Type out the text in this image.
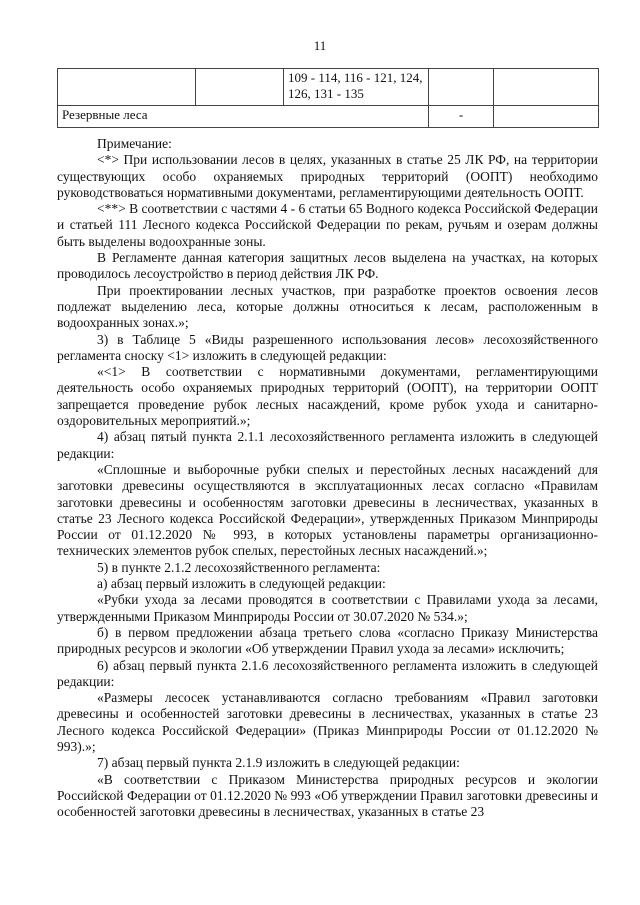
11
		109 - 114, 116 - 121, 124, 126, 131 - 135		
Резервные леса			-	

Примечание:

<*> При использовании лесов в целях, указанных в статье 25 ЛК РФ, на территории существующих особо охраняемых природных территорий (ООПТ) необходимо руководствоваться нормативными документами, регламентирующими деятельность ООПТ.

<**> В соответствии с частями 4 - 6 статьи 65 Водного кодекса Российской Федерации и статьей 111 Лесного кодекса Российской Федерации по рекам, ручьям и озерам должны быть выделены водоохранные зоны.

В Регламенте данная категория защитных лесов выделена на участках, на которых проводилось лесоустройство в период действия ЛК РФ.

При проектировании лесных участков, при разработке проектов освоения лесов подлежат выделению леса, которые должны относиться к лесам, расположенным в водоохранных зонах.»;

3) в Таблице 5 «Виды разрешенного использования лесов» лесохозяйственного регламента сноску <1> изложить в следующей редакции:

«<1> В соответствии с нормативными документами, регламентирующими деятельность особо охраняемых природных территорий (ООПТ), на территории ООПТ запрещается проведение рубок лесных насаждений, кроме рубок ухода и санитарно-оздоровительных мероприятий.»;

4) абзац пятый пункта 2.1.1 лесохозяйственного регламента изложить в следующей редакции:

«Сплошные и выборочные рубки спелых и перестойных лесных насаждений для заготовки древесины осуществляются в эксплуатационных лесах согласно «Правилам заготовки древесины и особенностям заготовки древесины в лесничествах, указанных в статье 23 Лесного кодекса Российской Федерации», утвержденных Приказом Минприроды России от 01.12.2020 № 993, в которых установлены параметры организационно-технических элементов рубок спелых, перестойных лесных насаждений.»;

5) в пункте 2.1.2 лесохозяйственного регламента:

а) абзац первый изложить в следующей редакции:

«Рубки ухода за лесами проводятся в соответствии с Правилами ухода за лесами, утвержденными Приказом Минприроды России от 30.07.2020 № 534.»;

б) в первом предложении абзаца третьего слова «согласно Приказу Министерства природных ресурсов и экологии «Об утверждении Правил ухода за лесами» исключить;

6) абзац первый пункта 2.1.6 лесохозяйственного регламента изложить в следующей редакции:

«Размеры лесосек устанавливаются согласно требованиям «Правил заготовки древесины и особенностей заготовки древесины в лесничествах, указанных в статье 23 Лесного кодекса Российской Федерации» (Приказ Минприроды России от 01.12.2020 № 993).»;

7) абзац первый пункта 2.1.9 изложить в следующей редакции:

«В соответствии с Приказом Министерства природных ресурсов и экологии Российской Федерации от 01.12.2020 № 993 «Об утверждении Правил заготовки древесины и особенностей заготовки древесины в лесничествах, указанных в статье 23
